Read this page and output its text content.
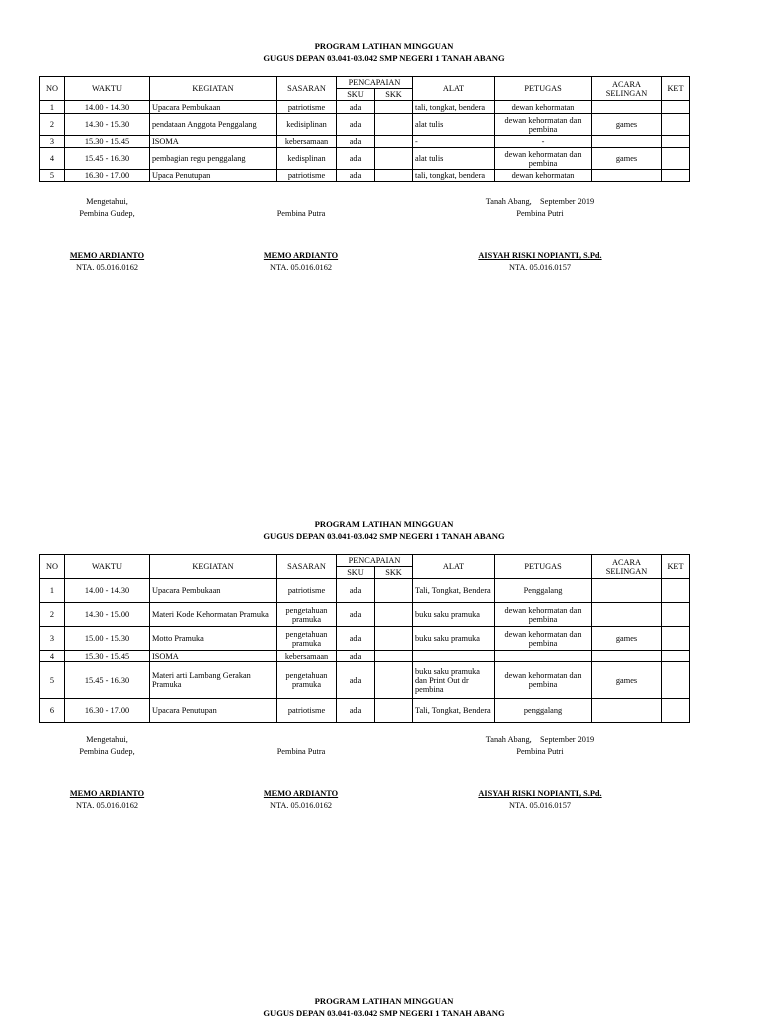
PROGRAM LATIHAN MINGGUAN
GUGUS DEPAN 03.041-03.042 SMP NEGERI 1 TANAH ABANG
NO	WAKTU	KEGIATAN	SASARAN	PENCAPAIAN		ALAT	PETUGAS	ACARA SELINGAN	KET
				SKU	SKK				
1	14.00 - 14.30	Upacara Pembukaan	patriotisme	ada		tali, tongkat, bendera	dewan kehormatan		
2	14.30 - 15.30	pendataan Anggota Penggalang	kedisiplinan	ada		alat tulis	dewan kehormatan dan pembina	games	
3	15.30 - 15.45	ISOMA	kebersamaan	ada		-	-		
4	15.45 - 16.30	pembagian regu penggalang	kedisplinan	ada		alat tulis	dewan kehormatan dan pembina	games	
5	16.30 - 17.00	Upaca Penutupan	patriotisme	ada		tali, tongkat, bendera	dewan kehormatan		
Mengetahui,
Pembina Gudep,
MEMO ARDIANTO
NTA. 05.016.0162

Pembina Putra
MEMO ARDIANTO
NTA. 05.016.0162
Tanah Abang,    September 2019
Pembina Putri
AISYAH RISKI NOPIANTI, S.Pd.
NTA. 05.016.0157
PROGRAM LATIHAN MINGGUAN
GUGUS DEPAN 03.041-03.042 SMP NEGERI 1 TANAH ABANG
NO	WAKTU	KEGIATAN	SASARAN	PENCAPAIAN		ALAT	PETUGAS	ACARA SELINGAN	KET
				SKU	SKK				
1	14.00 - 14.30	Upacara Pembukaan	patriotisme	ada		Tali, Tongkat, Bendera	Penggalang		
2	14.30 - 15.00	Materi Kode Kehormatan Pramuka	pengetahuan pramuka	ada		buku saku pramuka	dewan kehormatan dan pembina		
3	15.00 - 15.30	Motto Pramuka	pengetahuan pramuka	ada		buku saku pramuka	dewan kehormatan dan pembina	games	
4	15.30 - 15.45	ISOMA	kebersamaan	ada					
5	15.45 - 16.30	Materi arti Lambang Gerakan Pramuka	pengetahuan pramuka	ada		buku saku pramuka dan Print Out dr pembina	dewan kehormatan dan pembina	games	
6	16.30 - 17.00	Upacara Penutupan	patriotisme	ada		Tali, Tongkat, Bendera	penggalang		
Mengetahui,
Pembina Gudep,
MEMO ARDIANTO
NTA. 05.016.0162

Pembina Putra
MEMO ARDIANTO
NTA. 05.016.0162
Tanah Abang,    September 2019
Pembina Putri
AISYAH RISKI NOPIANTI, S.Pd.
NTA. 05.016.0157
PROGRAM LATIHAN MINGGUAN
GUGUS DEPAN 03.041-03.042 SMP NEGERI 1 TANAH ABANG
